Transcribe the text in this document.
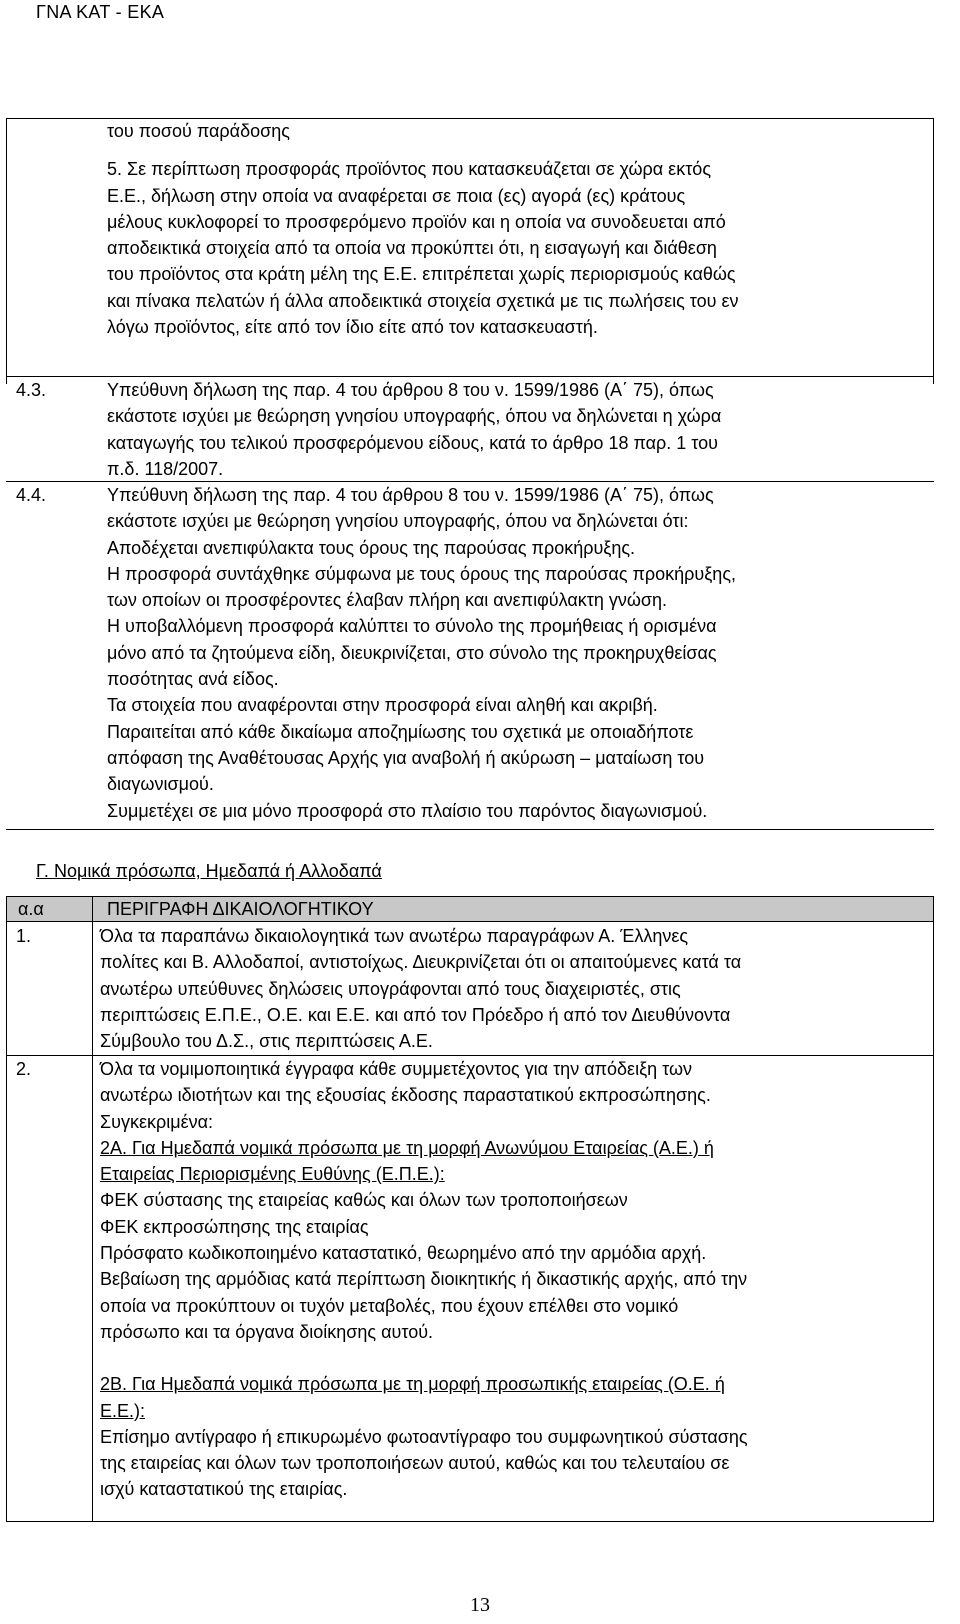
ΓΝΑ ΚΑΤ - ΕΚΑ

του ποσού παράδοσης

5. Σε περίπτωση προσφοράς προϊόντος που κατασκευάζεται σε χώρα εκτός

Ε.Ε., δήλωση στην οποία να αναφέρεται σε ποια (ες) αγορά (ες) κράτους

μέλους κυκλοφορεί το προσφερόμενο προϊόν και η οποία να συνοδευεται από

αποδεικτικά στοιχεία από τα οποία να προκύπτει ότι, η εισαγωγή και διάθεση

του προϊόντος στα κράτη μέλη της Ε.Ε. επιτρέπεται χωρίς περιορισμούς καθώς

και πίνακα πελατών ή άλλα αποδεικτικά στοιχεία σχετικά με τις πωλήσεις του εν

λόγω προϊόντος, είτε από τον ίδιο είτε από τον κατασκευαστή.

4.3.	Υπεύθυνη δήλωση της παρ. 4 του άρθρου 8 του ν. 1599/1986 (Α΄ 75), όπως

εκάστοτε ισχύει με θεώρηση γνησίου υπογραφής, όπου να δηλώνεται η χώρα

καταγωγής του τελικού προσφερόμενου είδους, κατά το άρθρο 18 παρ. 1 του

π.δ. 118/2007.

4.4.	Υπεύθυνη δήλωση της παρ. 4 του άρθρου 8 του ν. 1599/1986 (Α΄ 75), όπως

εκάστοτε ισχύει με θεώρηση γνησίου υπογραφής, όπου να δηλώνεται ότι:

Αποδέχεται ανεπιφύλακτα τους όρους της παρούσας προκήρυξης.

Η προσφορά συντάχθηκε σύμφωνα με τους όρους της παρούσας προκήρυξης,

των οποίων οι προσφέροντες έλαβαν πλήρη και ανεπιφύλακτη γνώση.

Η υποβαλλόμενη προσφορά καλύπτει το σύνολο της προμήθειας ή ορισμένα

μόνο από τα ζητούμενα είδη, διευκρινίζεται, στο σύνολο της προκηρυχθείσας

ποσότητας ανά είδος.

Τα στοιχεία που αναφέρονται στην προσφορά είναι αληθή και ακριβή.

Παραιτείται από κάθε δικαίωμα αποζημίωσης του σχετικά με οποιαδήποτε

απόφαση της Αναθέτουσας Αρχής για αναβολή ή ακύρωση – ματαίωση του

διαγωνισμού.

Συμμετέχει σε μια μόνο προσφορά στο πλαίσιο του παρόντος διαγωνισμού.

Γ. Νομικά πρόσωπα, Ημεδαπά ή Αλλοδαπά
α.α	ΠΕΡΙΓΡΑΦΗ ΔΙΚΑΙΟΛΟΓΗΤΙΚΟΥ
1.	Όλα τα παραπάνω δικαιολογητικά των ανωτέρω παραγράφων Α. Έλληνες

πολίτες και Β. Αλλοδαποί, αντιστοίχως. Διευκρινίζεται ότι οι απαιτούμενες κατά τα

ανωτέρω υπεύθυνες δηλώσεις υπογράφονται από τους διαχειριστές, στις

περιπτώσεις Ε.Π.Ε., Ο.Ε. και Ε.Ε. και από τον Πρόεδρο ή από τον Διευθύνοντα

Σύμβουλο του Δ.Σ., στις περιπτώσεις Α.Ε.

2.	Όλα τα νομιμοποιητικά έγγραφα κάθε συμμετέχοντος για την απόδειξη των

ανωτέρω ιδιοτήτων και της εξουσίας έκδοσης παραστατικού εκπροσώπησης.

Συγκεκριμένα:

2Α. Για Ημεδαπά νομικά πρόσωπα με τη μορφή Ανωνύμου Εταιρείας (Α.Ε.) ή

Εταιρείας Περιορισμένης Ευθύνης (Ε.Π.Ε.):

ΦΕΚ σύστασης της εταιρείας καθώς και όλων των τροποποιήσεων

ΦΕΚ εκπροσώπησης της εταιρίας

Πρόσφατο κωδικοποιημένο καταστατικό, θεωρημένο από την αρμόδια αρχή.

Βεβαίωση της αρμόδιας κατά περίπτωση διοικητικής ή δικαστικής αρχής, από την

οποία να προκύπτουν οι τυχόν μεταβολές, που έχουν επέλθει στο νομικό

πρόσωπο και τα όργανα διοίκησης αυτού.

2Β. Για Ημεδαπά νομικά πρόσωπα με τη μορφή προσωπικής εταιρείας (Ο.Ε. ή

Ε.Ε.):

Επίσημο αντίγραφο ή επικυρωμένο φωτοαντίγραφο του συμφωνητικού σύστασης

της εταιρείας και όλων των τροποποιήσεων αυτού, καθώς και του τελευταίου σε

ισχύ καταστατικού της εταιρίας.

13
